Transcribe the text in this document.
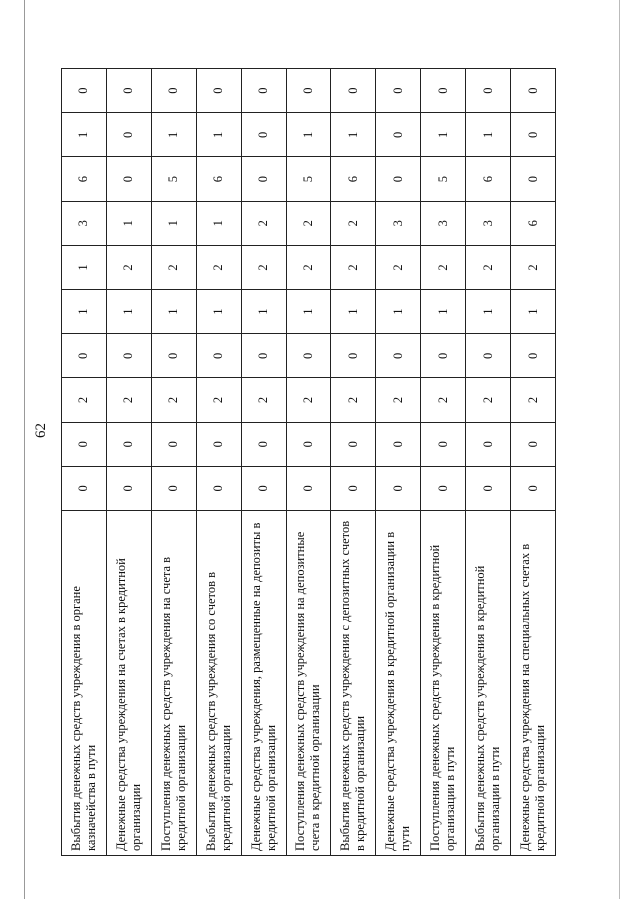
62
Выбытия денежных средств учреждения в органе казначейства в пути	0	0	2	0	1	1	3	6	1	0
Денежные средства учреждения на счетах в кредитной организации	0	0	2	0	1	2	1	0	0	0
Поступления денежных средств учреждения на счета в кредитной организации	0	0	2	0	1	2	1	5	1	0
Выбытия денежных средств учреждения со счетов в кредитной организации	0	0	2	0	1	2	1	6	1	0
Денежные средства учреждения, размещенные на депозиты в кредитной организации	0	0	2	0	1	2	2	0	0	0
Поступления денежных средств учреждения на депозитные счета в кредитной организации	0	0	2	0	1	2	2	5	1	0
Выбытия денежных средств учреждения с депозитных счетов в кредитной организации	0	0	2	0	1	2	2	6	1	0
Денежные средства учреждения в кредитной организации в пути	0	0	2	0	1	2	3	0	0	0
Поступления денежных средств учреждения в кредитной организации в пути	0	0	2	0	1	2	3	5	1	0
Выбытия денежных средств учреждения в кредитной организации в пути	0	0	2	0	1	2	3	6	1	0
Денежные средства учреждения на специальных счетах в кредитной организации	0	0	2	0	1	2	6	0	0	0
